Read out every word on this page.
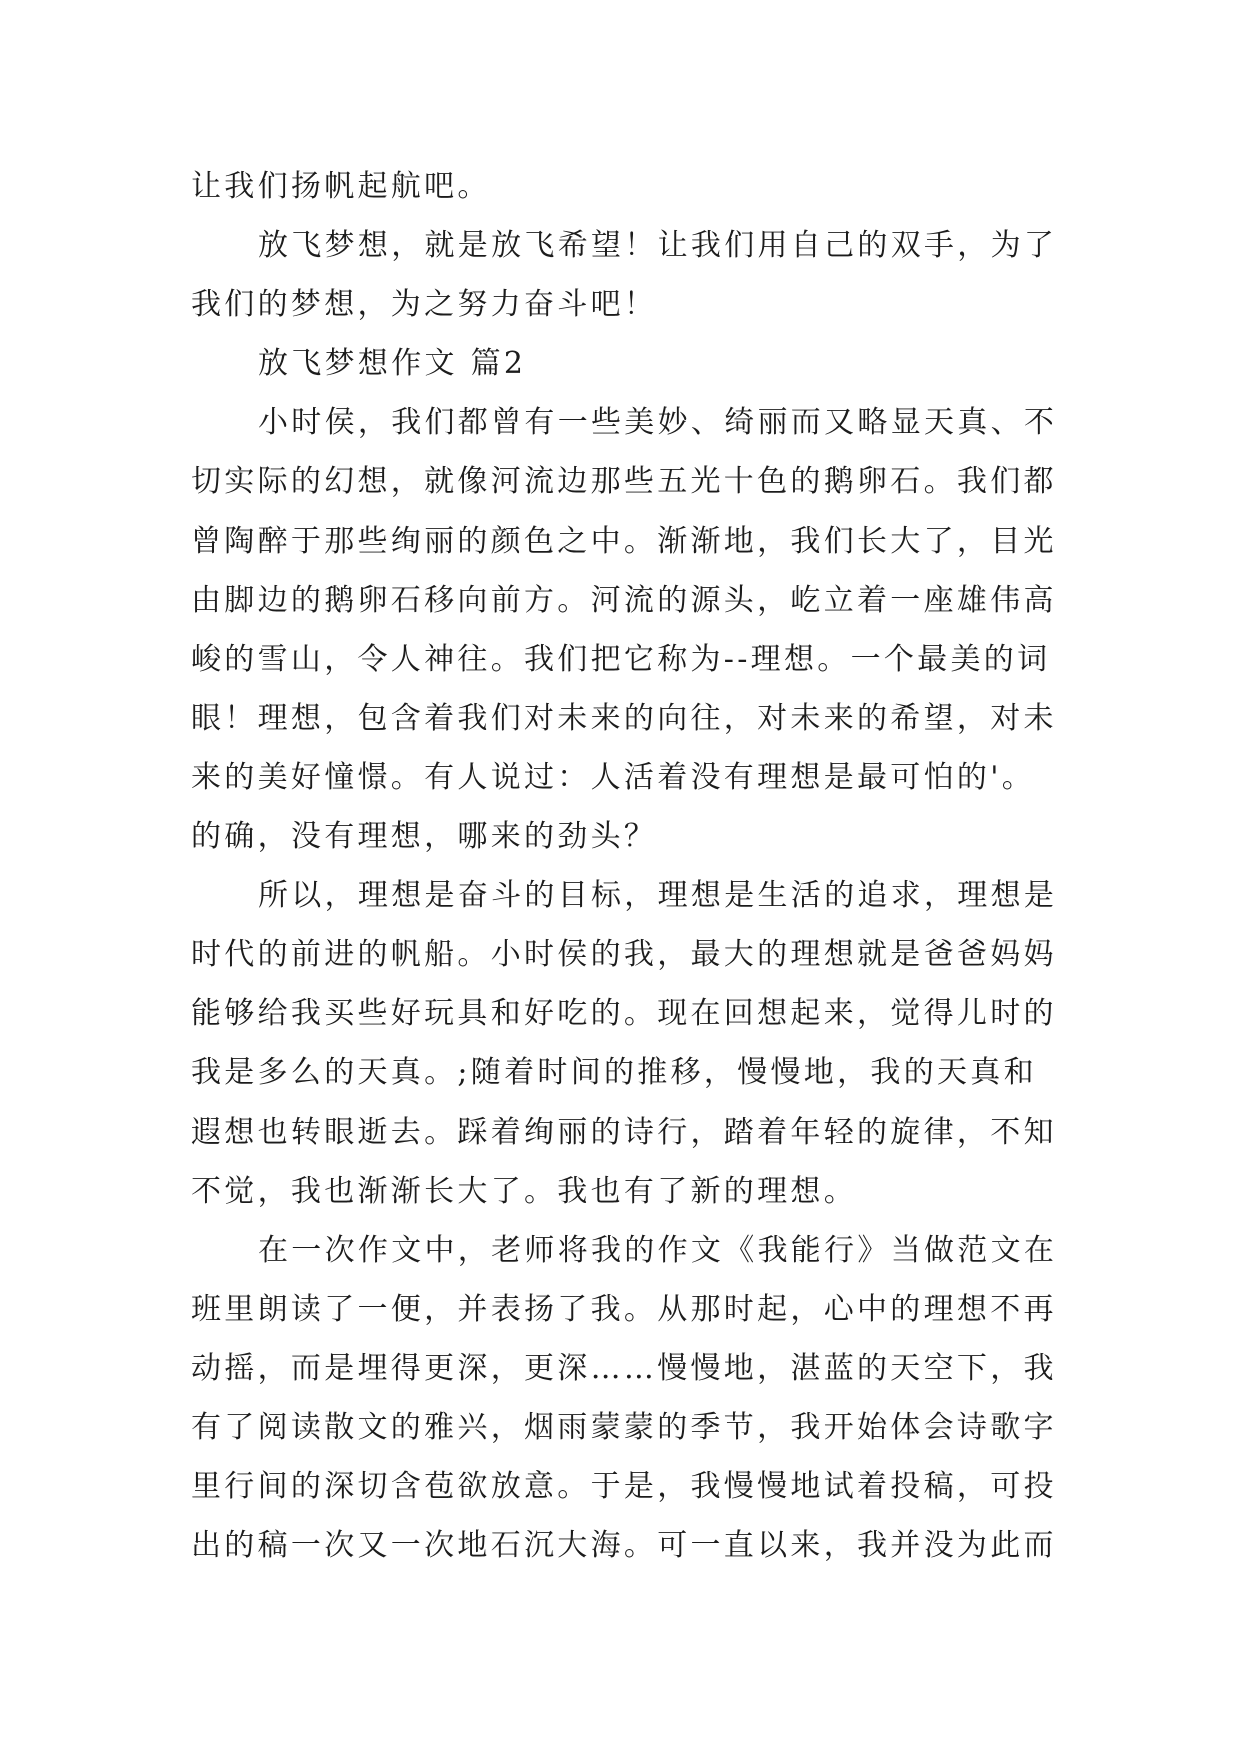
让我们扬帆起航吧。
放飞梦想，就是放飞希望！让我们用自己的双手，为了
我们的梦想，为之努力奋斗吧！
放飞梦想作文 篇2
小时侯，我们都曾有一些美妙、绮丽而又略显天真、不
切实际的幻想，就像河流边那些五光十色的鹅卵石。我们都
曾陶醉于那些绚丽的颜色之中。渐渐地，我们长大了，目光
由脚边的鹅卵石移向前方。河流的源头，屹立着一座雄伟高
峻的雪山，令人神往。我们把它称为--理想。一个最美的词
眼！理想，包含着我们对未来的向往，对未来的希望，对未
来的美好憧憬。有人说过：人活着没有理想是最可怕的'。
的确，没有理想，哪来的劲头？
所以，理想是奋斗的目标，理想是生活的追求，理想是
时代的前进的帆船。小时侯的我，最大的理想就是爸爸妈妈
能够给我买些好玩具和好吃的。现在回想起来，觉得儿时的
我是多么的天真。;随着时间的推移，慢慢地，我的天真和
遐想也转眼逝去。踩着绚丽的诗行，踏着年轻的旋律，不知
不觉，我也渐渐长大了。我也有了新的理想。
在一次作文中，老师将我的作文《我能行》当做范文在
班里朗读了一便，并表扬了我。从那时起，心中的理想不再
动摇，而是埋得更深，更深……慢慢地，湛蓝的天空下，我
有了阅读散文的雅兴，烟雨蒙蒙的季节，我开始体会诗歌字
里行间的深切含苞欲放意。于是，我慢慢地试着投稿，可投
出的稿一次又一次地石沉大海。可一直以来，我并没为此而
